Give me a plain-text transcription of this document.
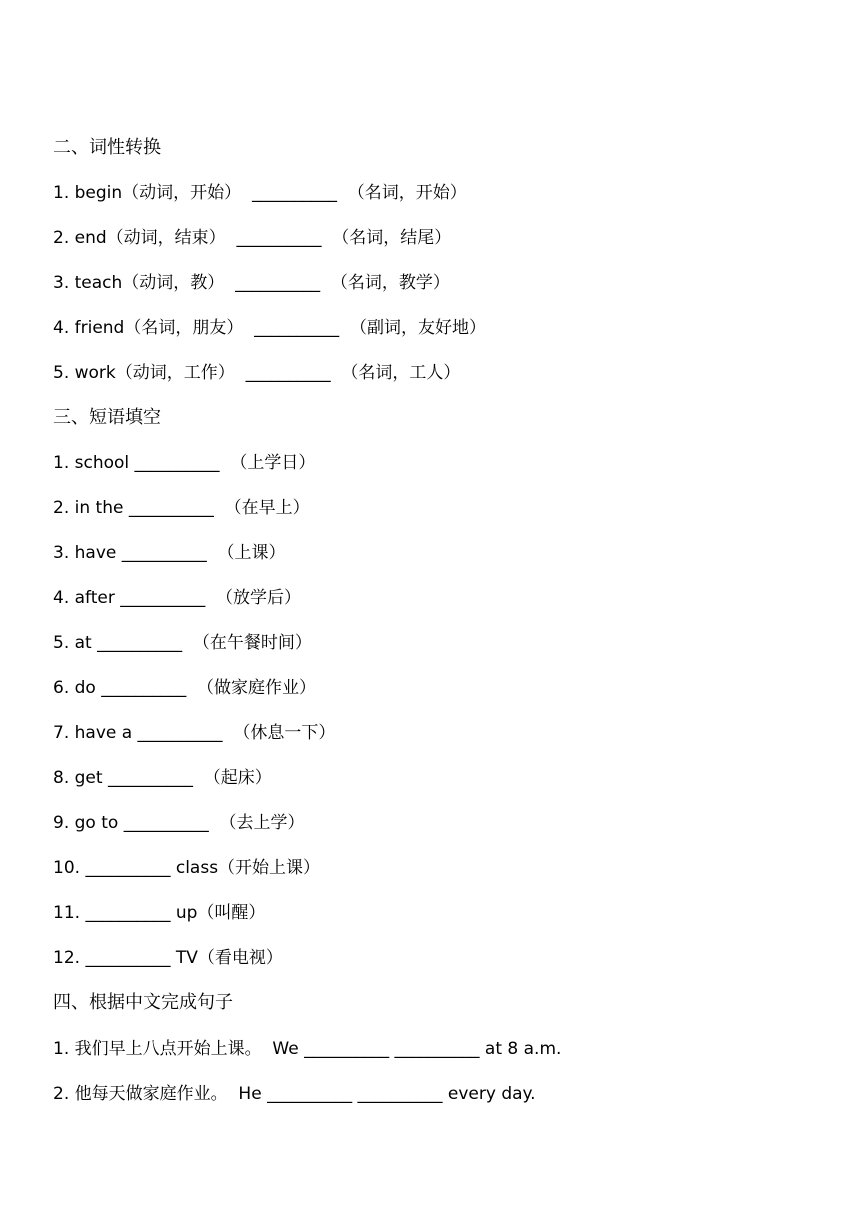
二、词性转换
1. begin（动词，开始）  __________  （名词，开始）
2. end（动词，结束）  __________  （名词，结尾）
3. teach（动词，教）  __________  （名词，教学）
4. friend（名词，朋友）  __________  （副词，友好地）
5. work（动词，工作）  __________  （名词，工人）
三、短语填空
1. school __________  （上学日）
2. in the __________  （在早上）
3. have __________  （上课）
4. after __________  （放学后）
5. at __________  （在午餐时间）
6. do __________  （做家庭作业）
7. have a __________  （休息一下）
8. get __________  （起床）
9. go to __________  （去上学）
10. __________ class（开始上课）
11. __________ up（叫醒）
12. __________ TV（看电视）
四、根据中文完成句子
1. 我们早上八点开始上课。  We __________ __________ at 8 a.m.
2. 他每天做家庭作业。  He __________ __________ every day.
